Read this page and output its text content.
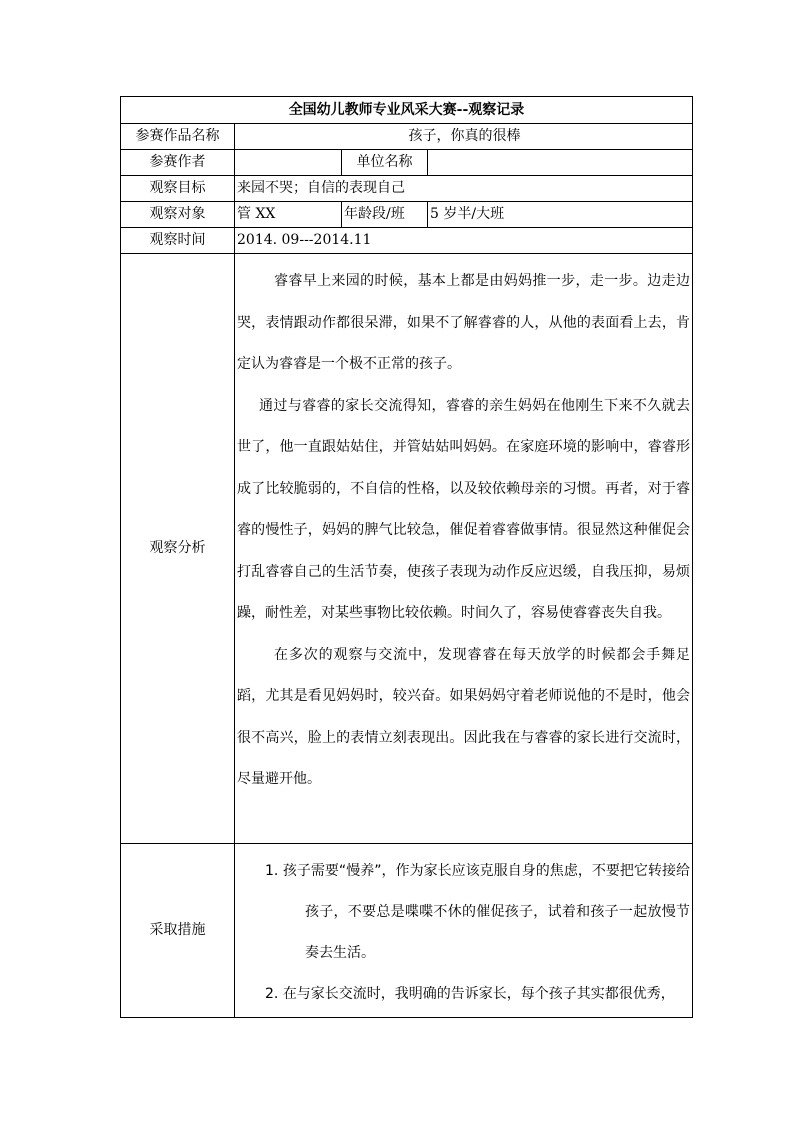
全国幼儿教师专业风采大赛--观察记录			
参赛作品名称	孩子，你真的很棒		
参赛作者		单位名称	
观察目标	来园不哭；自信的表现自己		
观察对象	管 XX	年龄段/班	5 岁半/大班
观察时间	2014. 09---2014.11		
观察分析	睿睿早上来园的时候，基本上都是由妈妈推一步，走一步。边走边哭，表情跟动作都很呆滞，如果不了解睿睿的人，从他的表面看上去，肯定认为睿睿是一个极不正常的孩子。

通过与睿睿的家长交流得知，睿睿的亲生妈妈在他刚生下来不久就去世了，他一直跟姑姑住，并管姑姑叫妈妈。在家庭环境的影响中，睿睿形成了比较脆弱的，不自信的性格，以及较依赖母亲的习惯。再者，对于睿睿的慢性子，妈妈的脾气比较急，催促着睿睿做事情。很显然这种催促会打乱睿睿自己的生活节奏，使孩子表现为动作反应迟缓，自我压抑，易烦躁，耐性差，对某些事物比较依赖。时间久了，容易使睿睿丧失自我。

在多次的观察与交流中，发现睿睿在每天放学的时候都会手舞足蹈，尤其是看见妈妈时，较兴奋。如果妈妈守着老师说他的不是时，他会很不高兴，脸上的表情立刻表现出。因此我在与睿睿的家长进行交流时，尽量避开他。		

采取措施	1. 孩子需要“慢养”，作为家长应该克服自身的焦虑，不要把它转接给孩子，不要总是喋喋不休的催促孩子，试着和孩子一起放慢节奏去生活。
2. 在与家长交流时，我明确的告诉家长，每个孩子其实都很优秀，		
